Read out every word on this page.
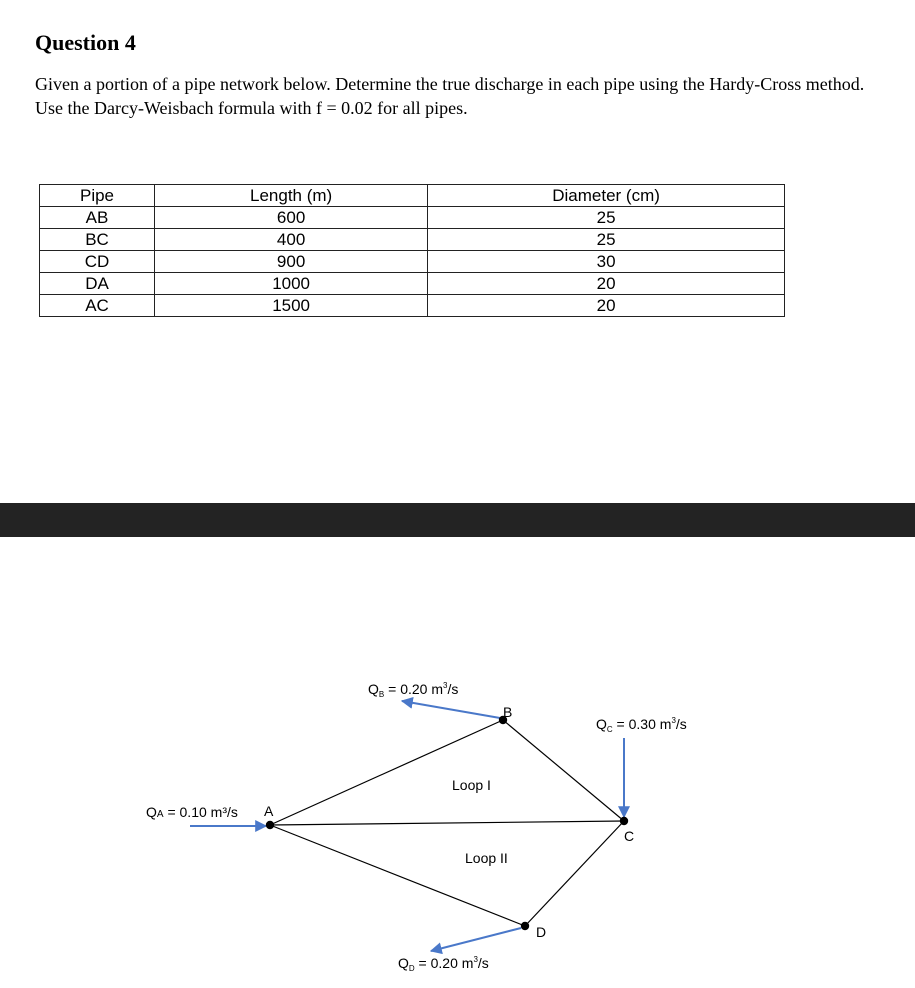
Question 4

Given a portion of a pipe network below. Determine the true discharge in each pipe using the Hardy-Cross method. Use the Darcy-Weisbach formula with f = 0.02 for all pipes.

Pipe	Length (m)	Diameter (cm)
AB	600	25
BC	400	25
CD	900	30
DA	1000	20
AC	1500	20
A
B
C
D
Loop I
Loop II
QA = 0.10 m³/s
$Q_B = 0.20$ $m^3/s$
$Q_C = 0.30$ $m^3/s$
$Q_D = 0.20$ $m^3/s$
